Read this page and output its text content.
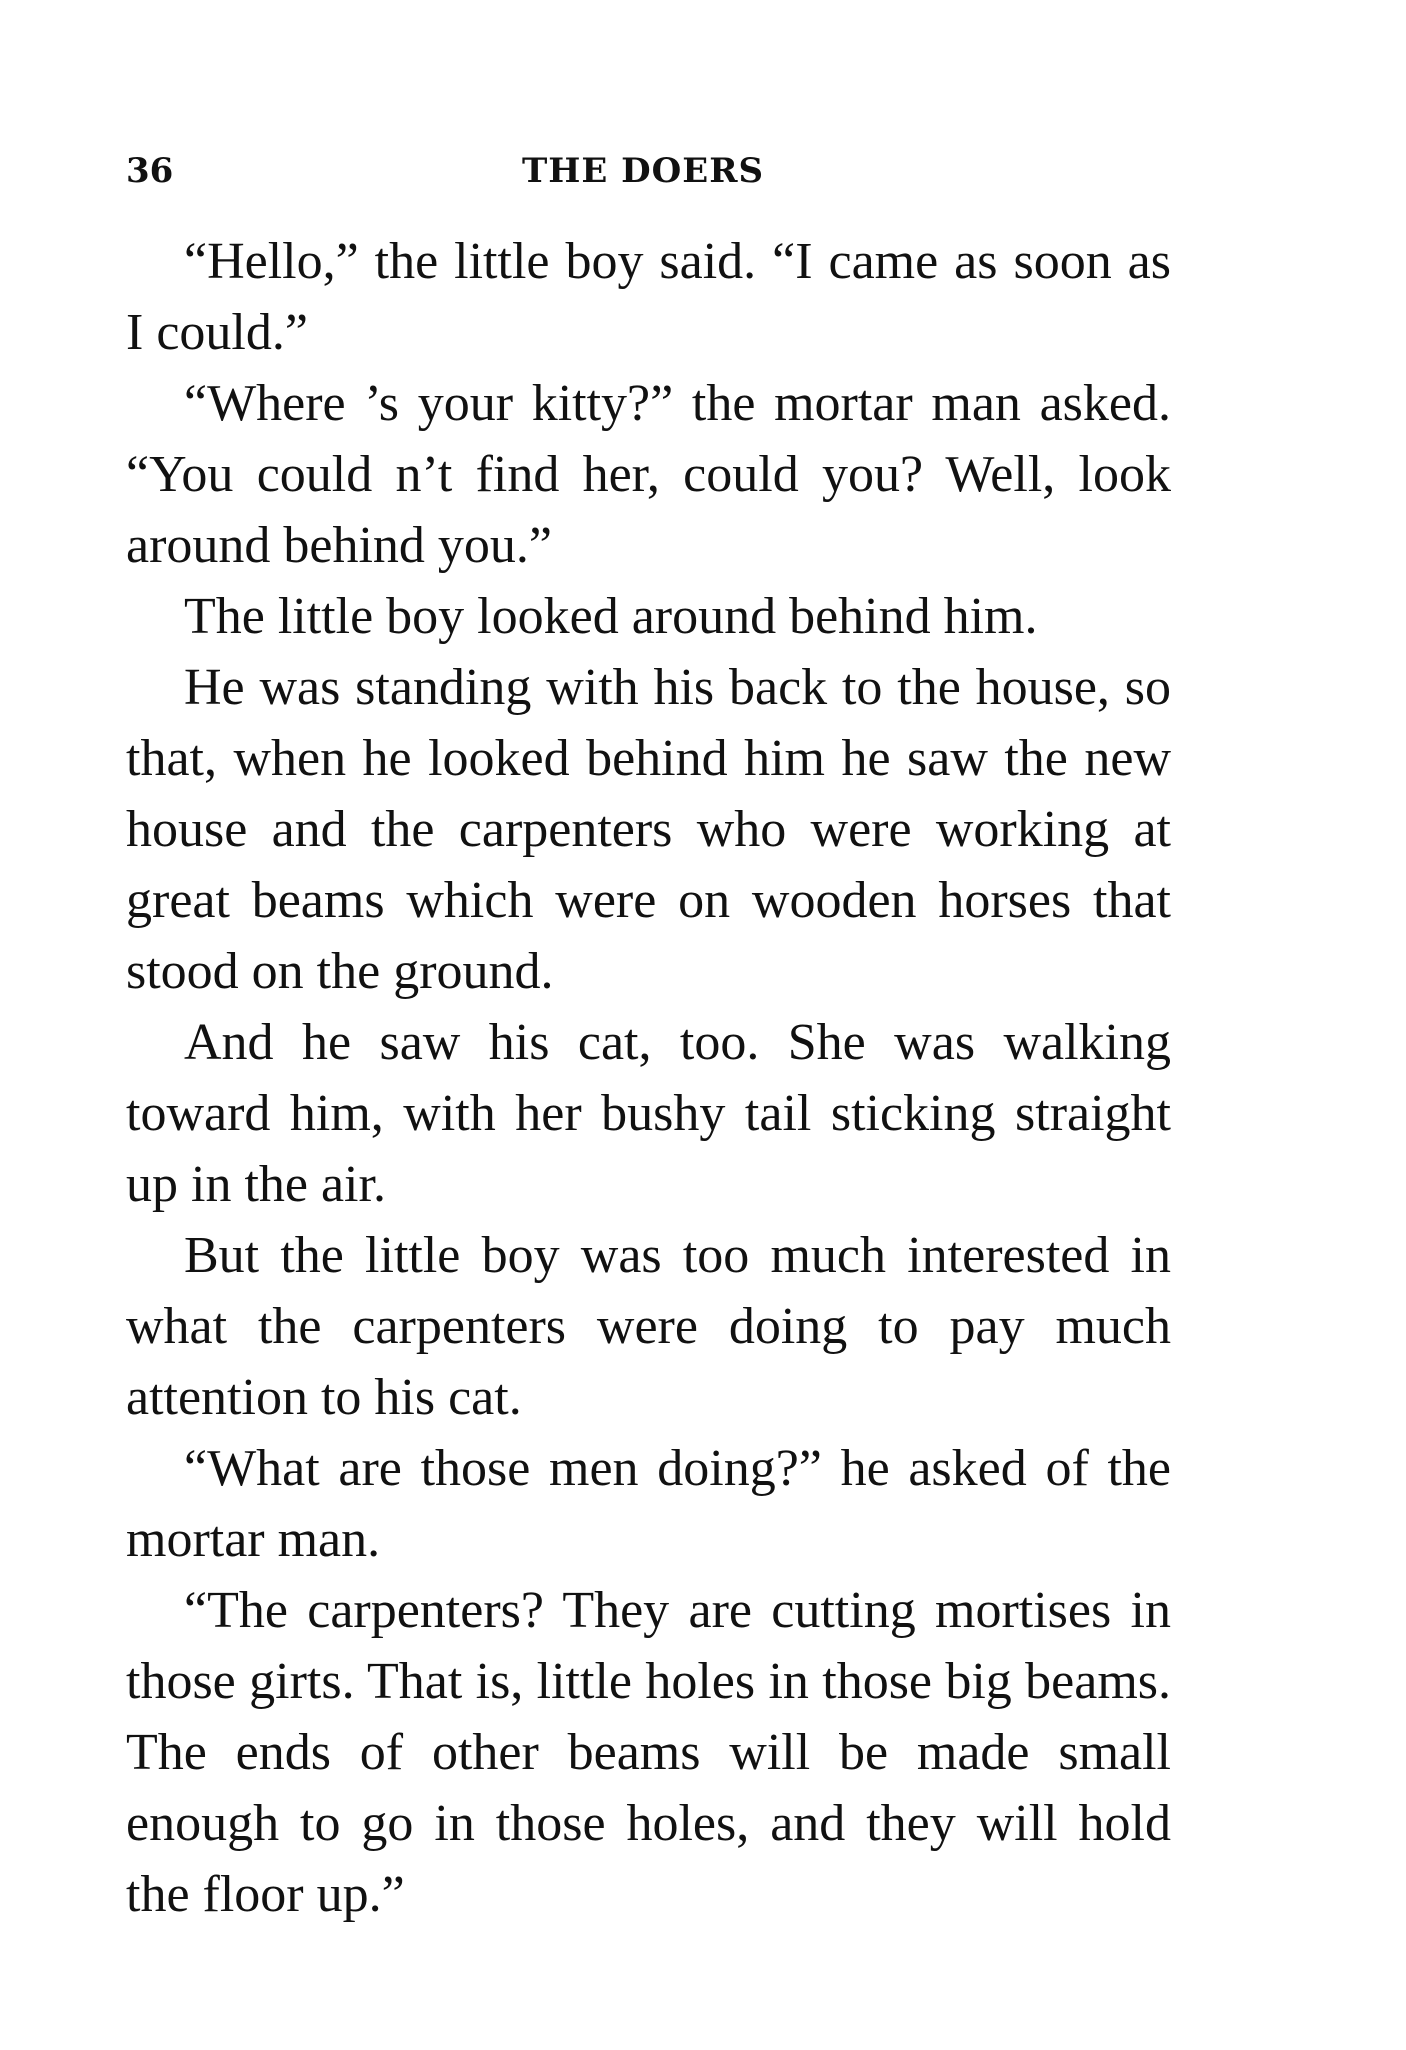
36	THE DOERS

“Hello,” the little boy said. “I came as soon as I could.”

“Where ’s your kitty?” the mortar man asked. “You could n’t find her, could you? Well, look around behind you.”

The little boy looked around behind him.

He was standing with his back to the house, so that, when he looked behind him he saw the new house and the carpenters who were working at great beams which were on wooden horses that stood on the ground.

And he saw his cat, too. She was walking toward him, with her bushy tail sticking straight up in the air.

But the little boy was too much interested in what the carpenters were doing to pay much attention to his cat.

“What are those men doing?” he asked of the mortar man.

“The carpenters? They are cutting mortises in those girts. That is, little holes in those big beams. The ends of other beams will be made small enough to go in those holes, and they will hold the floor up.”
